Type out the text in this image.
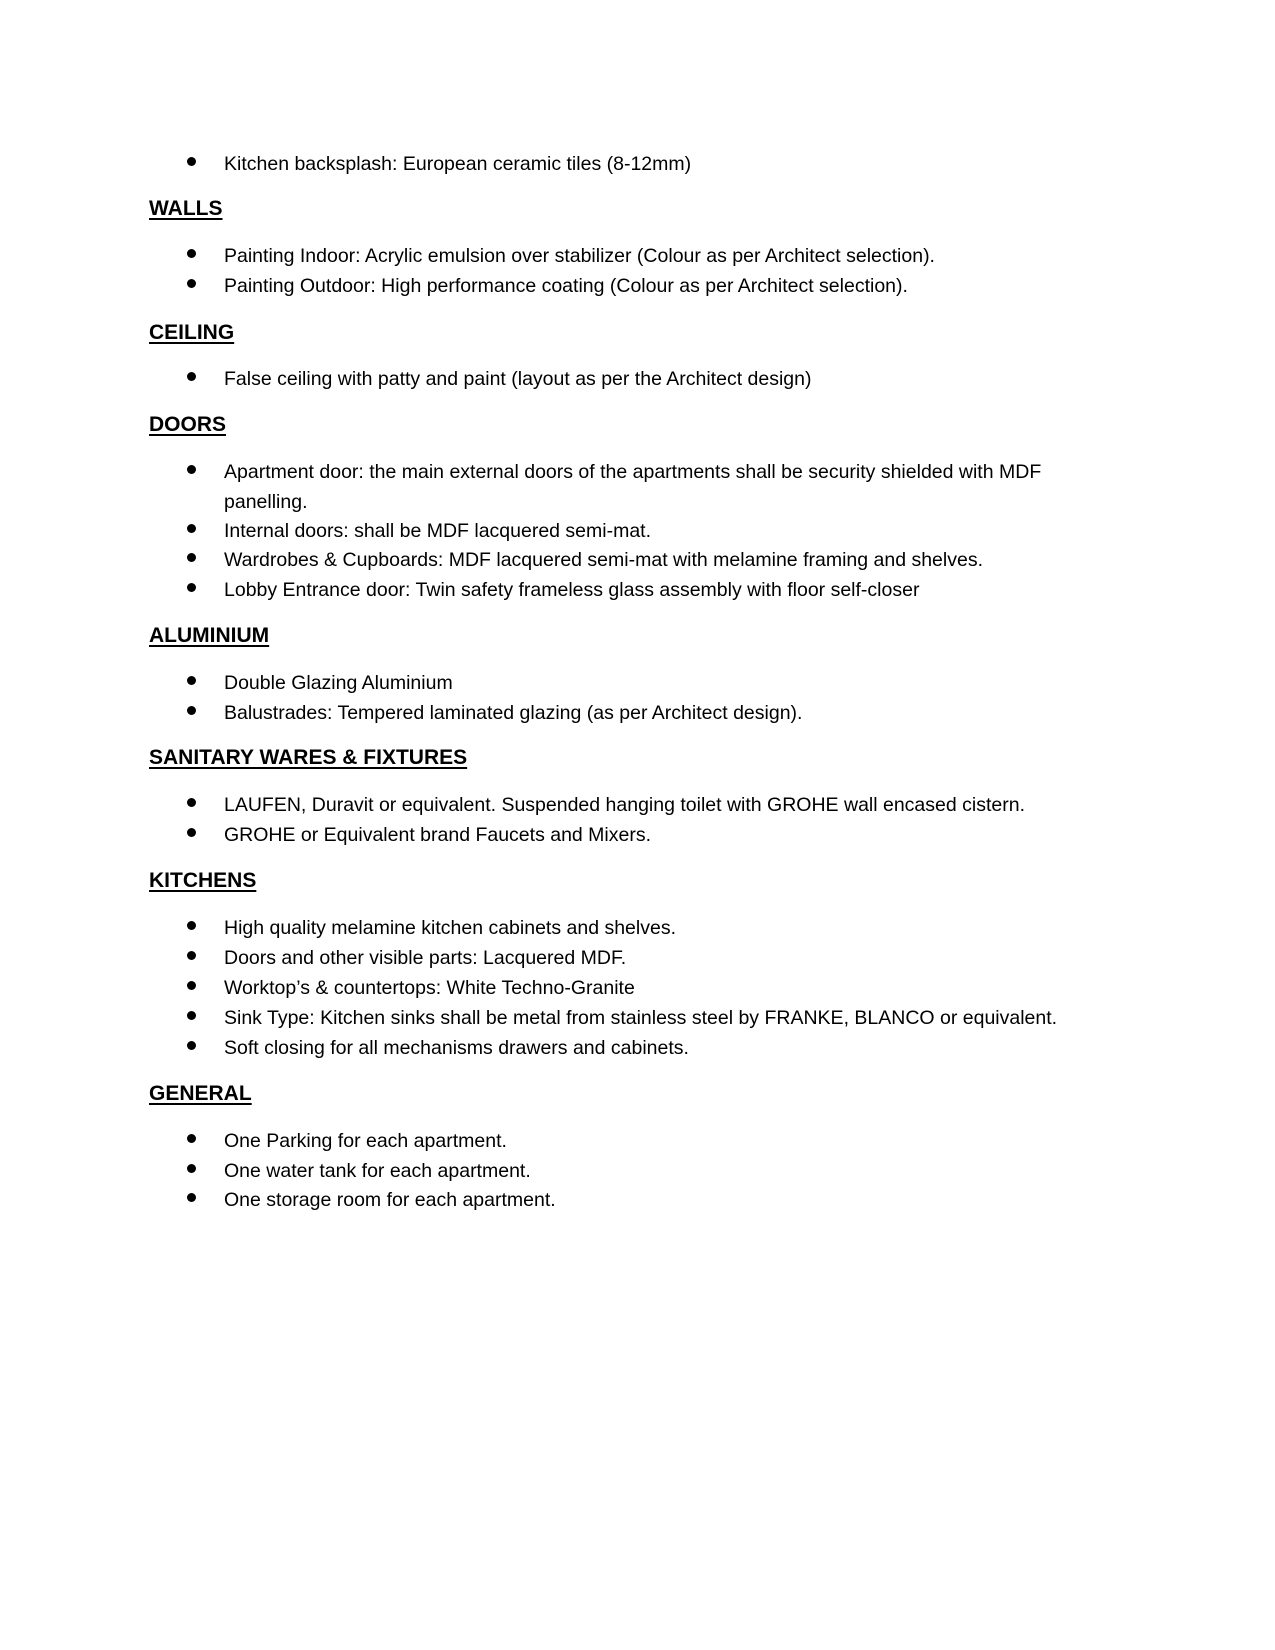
Kitchen backsplash: European ceramic tiles (8-12mm)
WALLS
Painting Indoor: Acrylic emulsion over stabilizer (Colour as per Architect selection).
Painting Outdoor: High performance coating (Colour as per Architect selection).
CEILING
False ceiling with patty and paint (layout as per the Architect design)
DOORS
Apartment door: the main external doors of the apartments shall be security shielded with MDF panelling.
Internal doors: shall be MDF lacquered semi-mat.
Wardrobes & Cupboards: MDF lacquered semi-mat with melamine framing and shelves.
Lobby Entrance door: Twin safety frameless glass assembly with floor self-closer
ALUMINIUM
Double Glazing Aluminium
Balustrades: Tempered laminated glazing (as per Architect design).
SANITARY WARES & FIXTURES
LAUFEN, Duravit or equivalent. Suspended hanging toilet with GROHE wall encased cistern.
GROHE or Equivalent brand Faucets and Mixers.
KITCHENS
High quality melamine kitchen cabinets and shelves.
Doors and other visible parts: Lacquered MDF.
Worktop’s & countertops: White Techno-Granite
Sink Type: Kitchen sinks shall be metal from stainless steel by FRANKE, BLANCO or equivalent.
Soft closing for all mechanisms drawers and cabinets.
GENERAL
One Parking for each apartment.
One water tank for each apartment.
One storage room for each apartment.
